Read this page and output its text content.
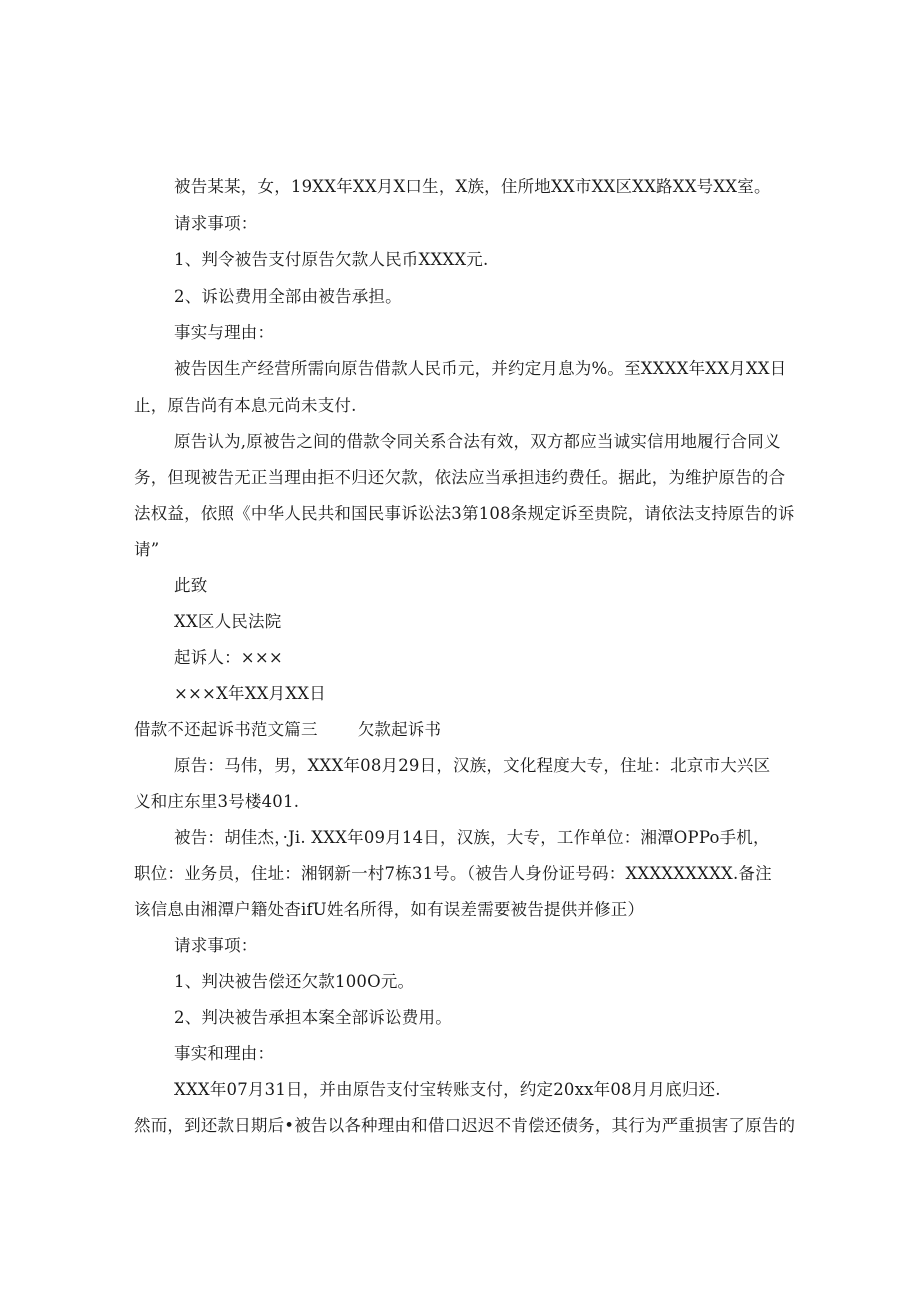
被告某某，女，19XX年XX月X口生，X族，住所地XX市XX区XX路XX号XX室。
请求事项：
1、判令被告支付原告欠款人民币XXXX元.
2、诉讼费用全部由被告承担。
事实与理由：
被告因生产经营所需向原告借款人民币元，并约定月息为%。至XXXX年XX月XX日
止，原告尚有本息元尚未支付.
原告认为,原被告之间的借款令同关系合法有效，双方都应当诚实信用地履行合同义
务，但现被告无正当理由拒不归还欠款，依法应当承担违约费任。据此，为维护原告的合
法权益，依照《中华人民共和国民事诉讼法3第108条规定诉至贵院，请依法支持原告的诉
请”
此致
XX区人民法院
起诉人：×××
×××X年XX月XX日
借款不还起诉书范文篇三 欠款起诉书
原告：马伟，男，XXX年08月29日，汉族，文化程度大专，住址：北京市大兴区
义和庄东里3号楼401.
被告：胡佳杰，·Ji. XXX年09月14日，汉族，大专，工作单位：湘潭OPPo手机，
职位：业务员，住址：湘钢新一村7栋31号。（被告人身份证号码：XXXXXXXXX.备注
该信息由湘潭户籍处杳ifU姓名所得，如有误差需要被告提供并修正）
请求事项：
1、判决被告偿还欠款100O元。
2、判决被告承担本案全部诉讼费用。
事实和理由：
XXX年07月31日，并由原告支付宝转账支付，约定20xx年08月月底归还.
然而，到还款日期后•被告以各种理由和借口迟迟不肯偿还债务，其行为严重损害了原告的
